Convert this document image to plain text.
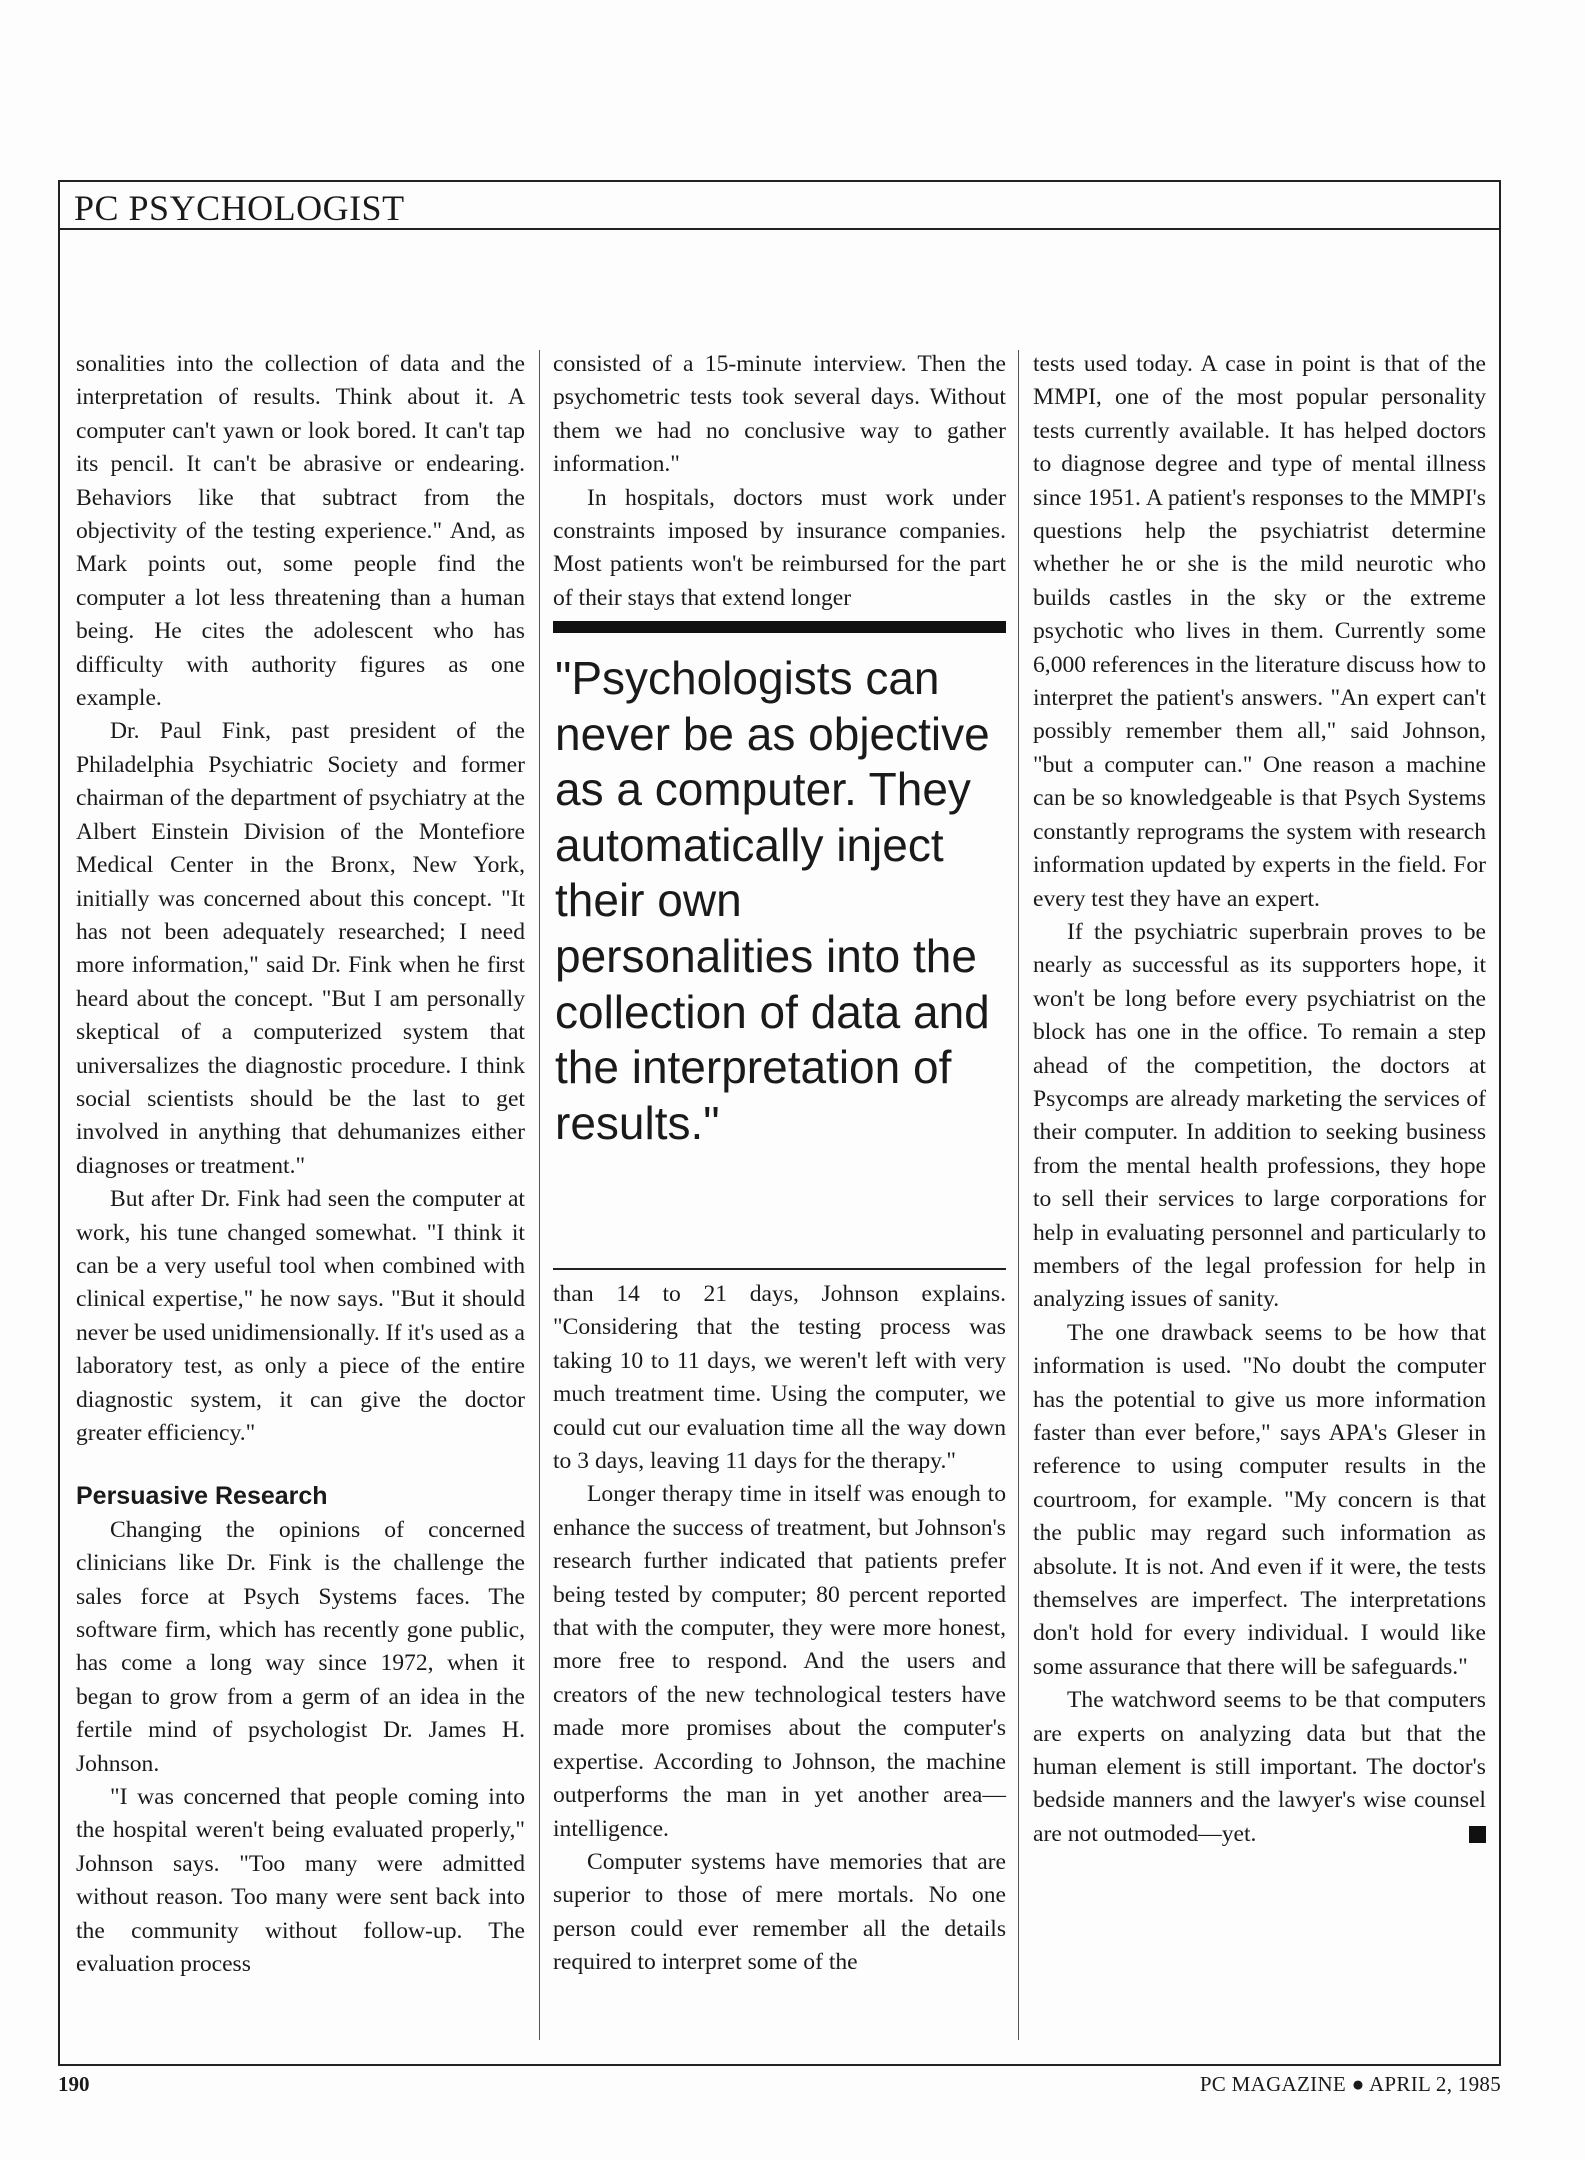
PC PSYCHOLOGIST

sonalities into the collection of data and the interpretation of results. Think about it. A computer can't yawn or look bored. It can't tap its pencil. It can't be abrasive or endearing. Behaviors like that subtract from the objectivity of the testing experience." And, as Mark points out, some people find the computer a lot less threatening than a human being. He cites the adolescent who has difficulty with authority figures as one example.

Dr. Paul Fink, past president of the Philadelphia Psychiatric Society and former chairman of the department of psychiatry at the Albert Einstein Division of the Montefiore Medical Center in the Bronx, New York, initially was concerned about this concept. "It has not been adequately researched; I need more information," said Dr. Fink when he first heard about the concept. "But I am personally skeptical of a computerized system that universalizes the diagnostic procedure. I think social scientists should be the last to get involved in anything that dehumanizes either diagnoses or treatment."

But after Dr. Fink had seen the computer at work, his tune changed somewhat. "I think it can be a very useful tool when combined with clinical expertise," he now says. "But it should never be used unidimensionally. If it's used as a laboratory test, as only a piece of the entire diagnostic system, it can give the doctor greater efficiency."

Persuasive Research

Changing the opinions of concerned clinicians like Dr. Fink is the challenge the sales force at Psych Systems faces. The software firm, which has recently gone public, has come a long way since 1972, when it began to grow from a germ of an idea in the fertile mind of psychologist Dr. James H. Johnson.

"I was concerned that people coming into the hospital weren't being evaluated properly," Johnson says. "Too many were admitted without reason. Too many were sent back into the community without follow-up. The evaluation process

consisted of a 15-minute interview. Then the psychometric tests took several days. Without them we had no conclusive way to gather information."

In hospitals, doctors must work under constraints imposed by insurance companies. Most patients won't be reimbursed for the part of their stays that extend longer

"Psychologists can never be as objective as a computer. They automatically inject their own personalities into the collection of data and the interpretation of results."

than 14 to 21 days, Johnson explains. "Considering that the testing process was taking 10 to 11 days, we weren't left with very much treatment time. Using the computer, we could cut our evaluation time all the way down to 3 days, leaving 11 days for the therapy."

Longer therapy time in itself was enough to enhance the success of treatment, but Johnson's research further indicated that patients prefer being tested by computer; 80 percent reported that with the computer, they were more honest, more free to respond. And the users and creators of the new technological testers have made more promises about the computer's expertise. According to Johnson, the machine outperforms the man in yet another area—intelligence.

Computer systems have memories that are superior to those of mere mortals. No one person could ever remember all the details required to interpret some of the

tests used today. A case in point is that of the MMPI, one of the most popular personality tests currently available. It has helped doctors to diagnose degree and type of mental illness since 1951. A patient's responses to the MMPI's questions help the psychiatrist determine whether he or she is the mild neurotic who builds castles in the sky or the extreme psychotic who lives in them. Currently some 6,000 references in the literature discuss how to interpret the patient's answers. "An expert can't possibly remember them all," said Johnson, "but a computer can." One reason a machine can be so knowledgeable is that Psych Systems constantly reprograms the system with research information updated by experts in the field. For every test they have an expert.

If the psychiatric superbrain proves to be nearly as successful as its supporters hope, it won't be long before every psychiatrist on the block has one in the office. To remain a step ahead of the competition, the doctors at Psycomps are already marketing the services of their computer. In addition to seeking business from the mental health professions, they hope to sell their services to large corporations for help in evaluating personnel and particularly to members of the legal profession for help in analyzing issues of sanity.

The one drawback seems to be how that information is used. "No doubt the computer has the potential to give us more information faster than ever before," says APA's Gleser in reference to using computer results in the courtroom, for example. "My concern is that the public may regard such information as absolute. It is not. And even if it were, the tests themselves are imperfect. The interpretations don't hold for every individual. I would like some assurance that there will be safeguards."

The watchword seems to be that computers are experts on analyzing data but that the human element is still important. The doctor's bedside manners and the lawyer's wise counsel are not outmoded—yet.

190	PC MAGAZINE ● APRIL 2, 1985
